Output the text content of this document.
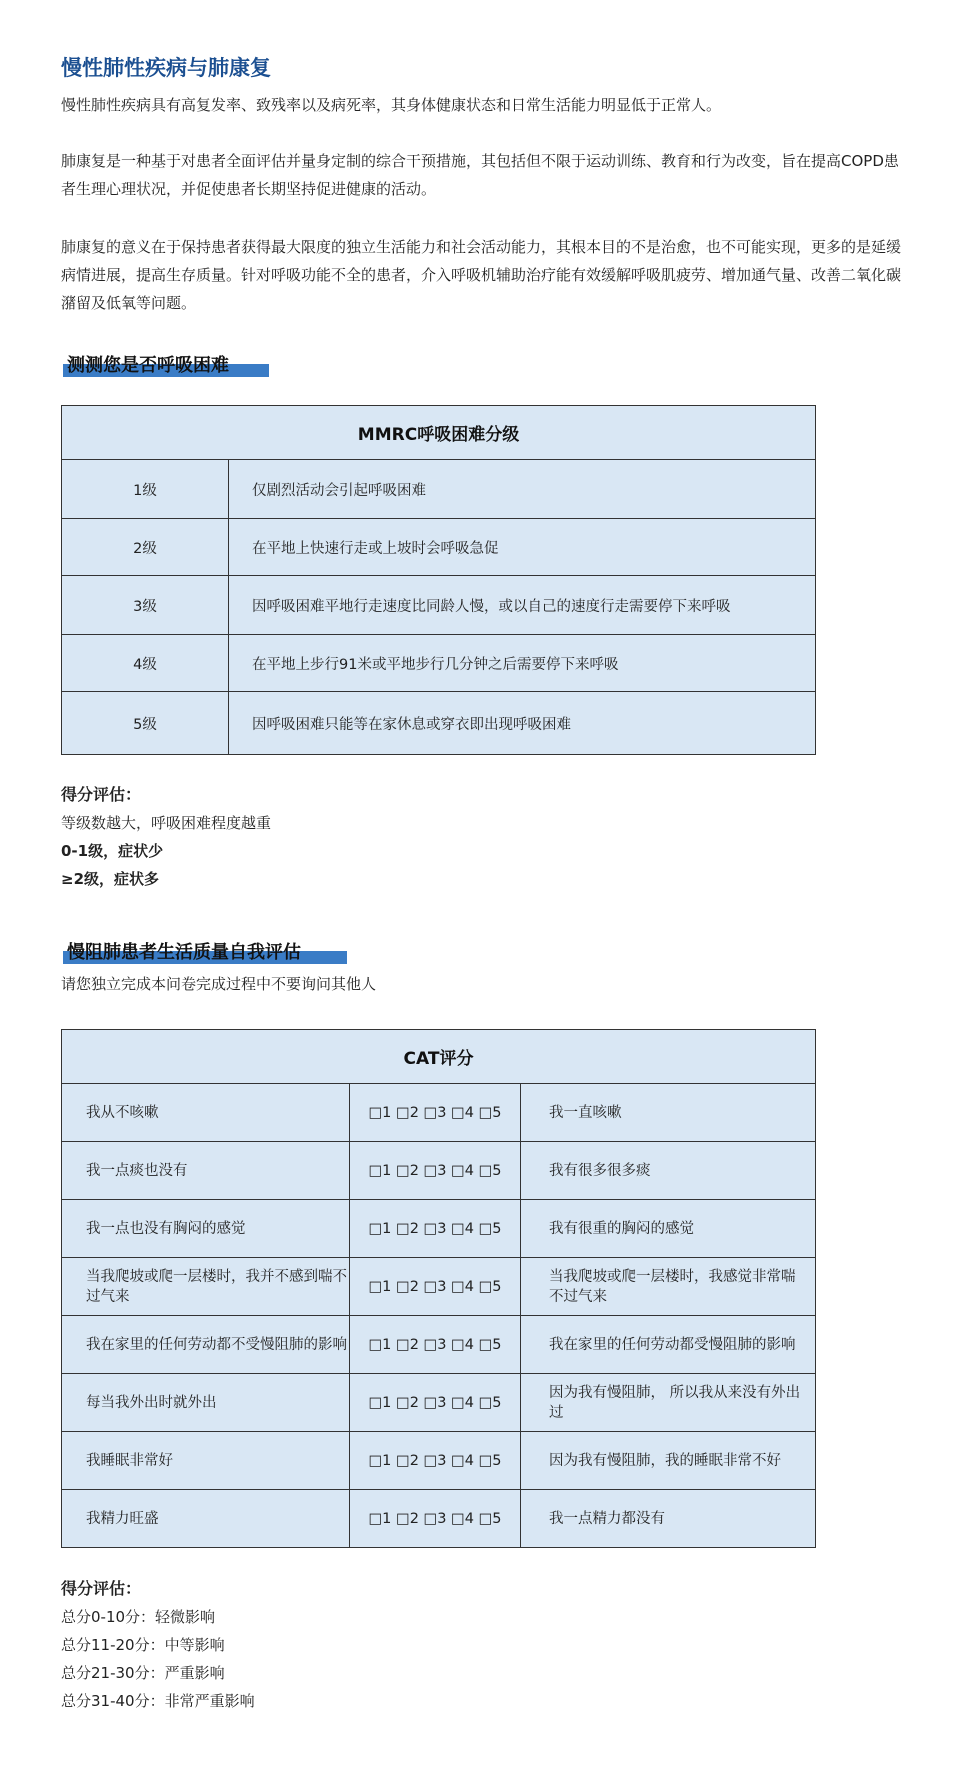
慢性肺性疾病与肺康复

慢性肺性疾病具有高复发率、致残率以及病死率，其身体健康状态和日常生活能力明显低于正常人。

肺康复是一种基于对患者全面评估并量身定制的综合干预措施，其包括但不限于运动训练、教育和行为改变，旨在提高COPD患者生理心理状况，并促使患者长期坚持促进健康的活动。

肺康复的意义在于保持患者获得最大限度的独立生活能力和社会活动能力，其根本目的不是治愈，也不可能实现，更多的是延缓病情进展，提高生存质量。针对呼吸功能不全的患者，介入呼吸机辅助治疗能有效缓解呼吸肌疲劳、增加通气量、改善二氧化碳潴留及低氧等问题。

测测您是否呼吸困难
MMRC呼吸困难分级	
1级	仅剧烈活动会引起呼吸困难
2级	在平地上快速行走或上坡时会呼吸急促
3级	因呼吸困难平地行走速度比同龄人慢，或以自己的速度行走需要停下来呼吸
4级	在平地上步行91米或平地步行几分钟之后需要停下来呼吸
5级	因呼吸困难只能等在家休息或穿衣即出现呼吸困难
得分评估：
等级数越大，呼吸困难程度越重
0-1级，症状少
≥2级，症状多
慢阻肺患者生活质量自我评估
请您独立完成本问卷完成过程中不要询问其他人
CAT评分		
我从不咳嗽	□1 □2 □3 □4 □5	我一直咳嗽
我一点痰也没有	□1 □2 □3 □4 □5	我有很多很多痰
我一点也没有胸闷的感觉	□1 □2 □3 □4 □5	我有很重的胸闷的感觉
当我爬坡或爬一层楼时，我并不感到喘不过气来	□1 □2 □3 □4 □5	当我爬坡或爬一层楼时，我感觉非常喘不过气来
我在家里的任何劳动都不受慢阻肺的影响	□1 □2 □3 □4 □5	我在家里的任何劳动都受慢阻肺的影响
每当我外出时就外出	□1 □2 □3 □4 □5	因为我有慢阻肺， 所以我从来没有外出过
我睡眠非常好	□1 □2 □3 □4 □5	因为我有慢阻肺，我的睡眠非常不好
我精力旺盛	□1 □2 □3 □4 □5	我一点精力都没有
得分评估：
总分0-10分：轻微影响
总分11-20分：中等影响
总分21-30分：严重影响
总分31-40分：非常严重影响
